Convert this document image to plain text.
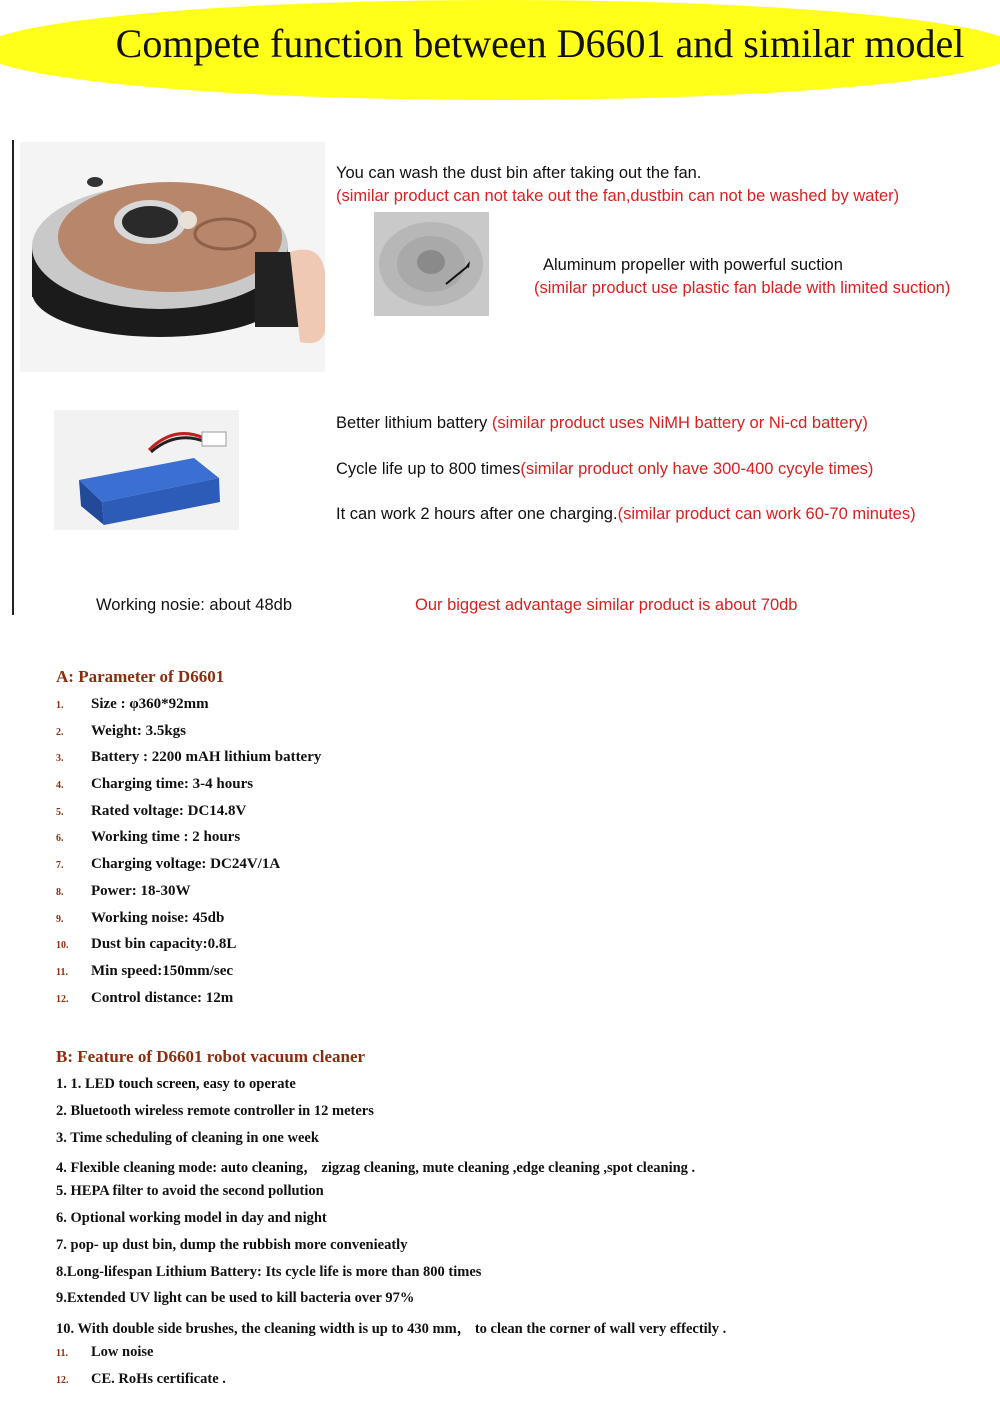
Compete function between D6601 and similar model
You can wash the dust bin after taking out the fan.
(similar product can not take out the fan,dustbin can not be washed by water)
Aluminum propeller with powerful suction
(similar product use plastic fan blade with limited suction)
Better lithium battery (similar product uses NiMH battery or Ni-cd battery)
Cycle life up to 800 times(similar product only have 300-400 cycyle times)
It can work 2 hours after one charging.(similar product can work 60-70 minutes)
Working nosie: about 48db	Our biggest advantage similar product is about 70db
A: Parameter of D6601
1. Size : φ360*92mm
2. Weight: 3.5kgs
3. Battery : 2200 mAH lithium battery
4. Charging time: 3-4 hours
5. Rated voltage: DC14.8V
6. Working time : 2 hours
7. Charging voltage: DC24V/1A
8. Power: 18-30W
9. Working noise: 45db
10. Dust bin capacity:0.8L
11. Min speed:150mm/sec
12. Control distance: 12m
B: Feature of D6601 robot vacuum cleaner
1. 1. LED touch screen, easy to operate
2. Bluetooth wireless remote controller in 12 meters
3. Time scheduling of cleaning in one week
4. Flexible cleaning mode: auto cleaning， zigzag cleaning, mute cleaning ,edge cleaning ,spot cleaning .
5. HEPA filter to avoid the second pollution
6. Optional working model in day and night
7. pop- up dust bin, dump the rubbish more convenieatly
8.Long-lifespan Lithium Battery: Its cycle life is more than 800 times
9.Extended UV light can be used to kill bacteria over 97%
10. With double side brushes, the cleaning width is up to 430 mm， to clean the corner of wall very effectily .
11. Low noise
12. CE. RoHs certificate .
